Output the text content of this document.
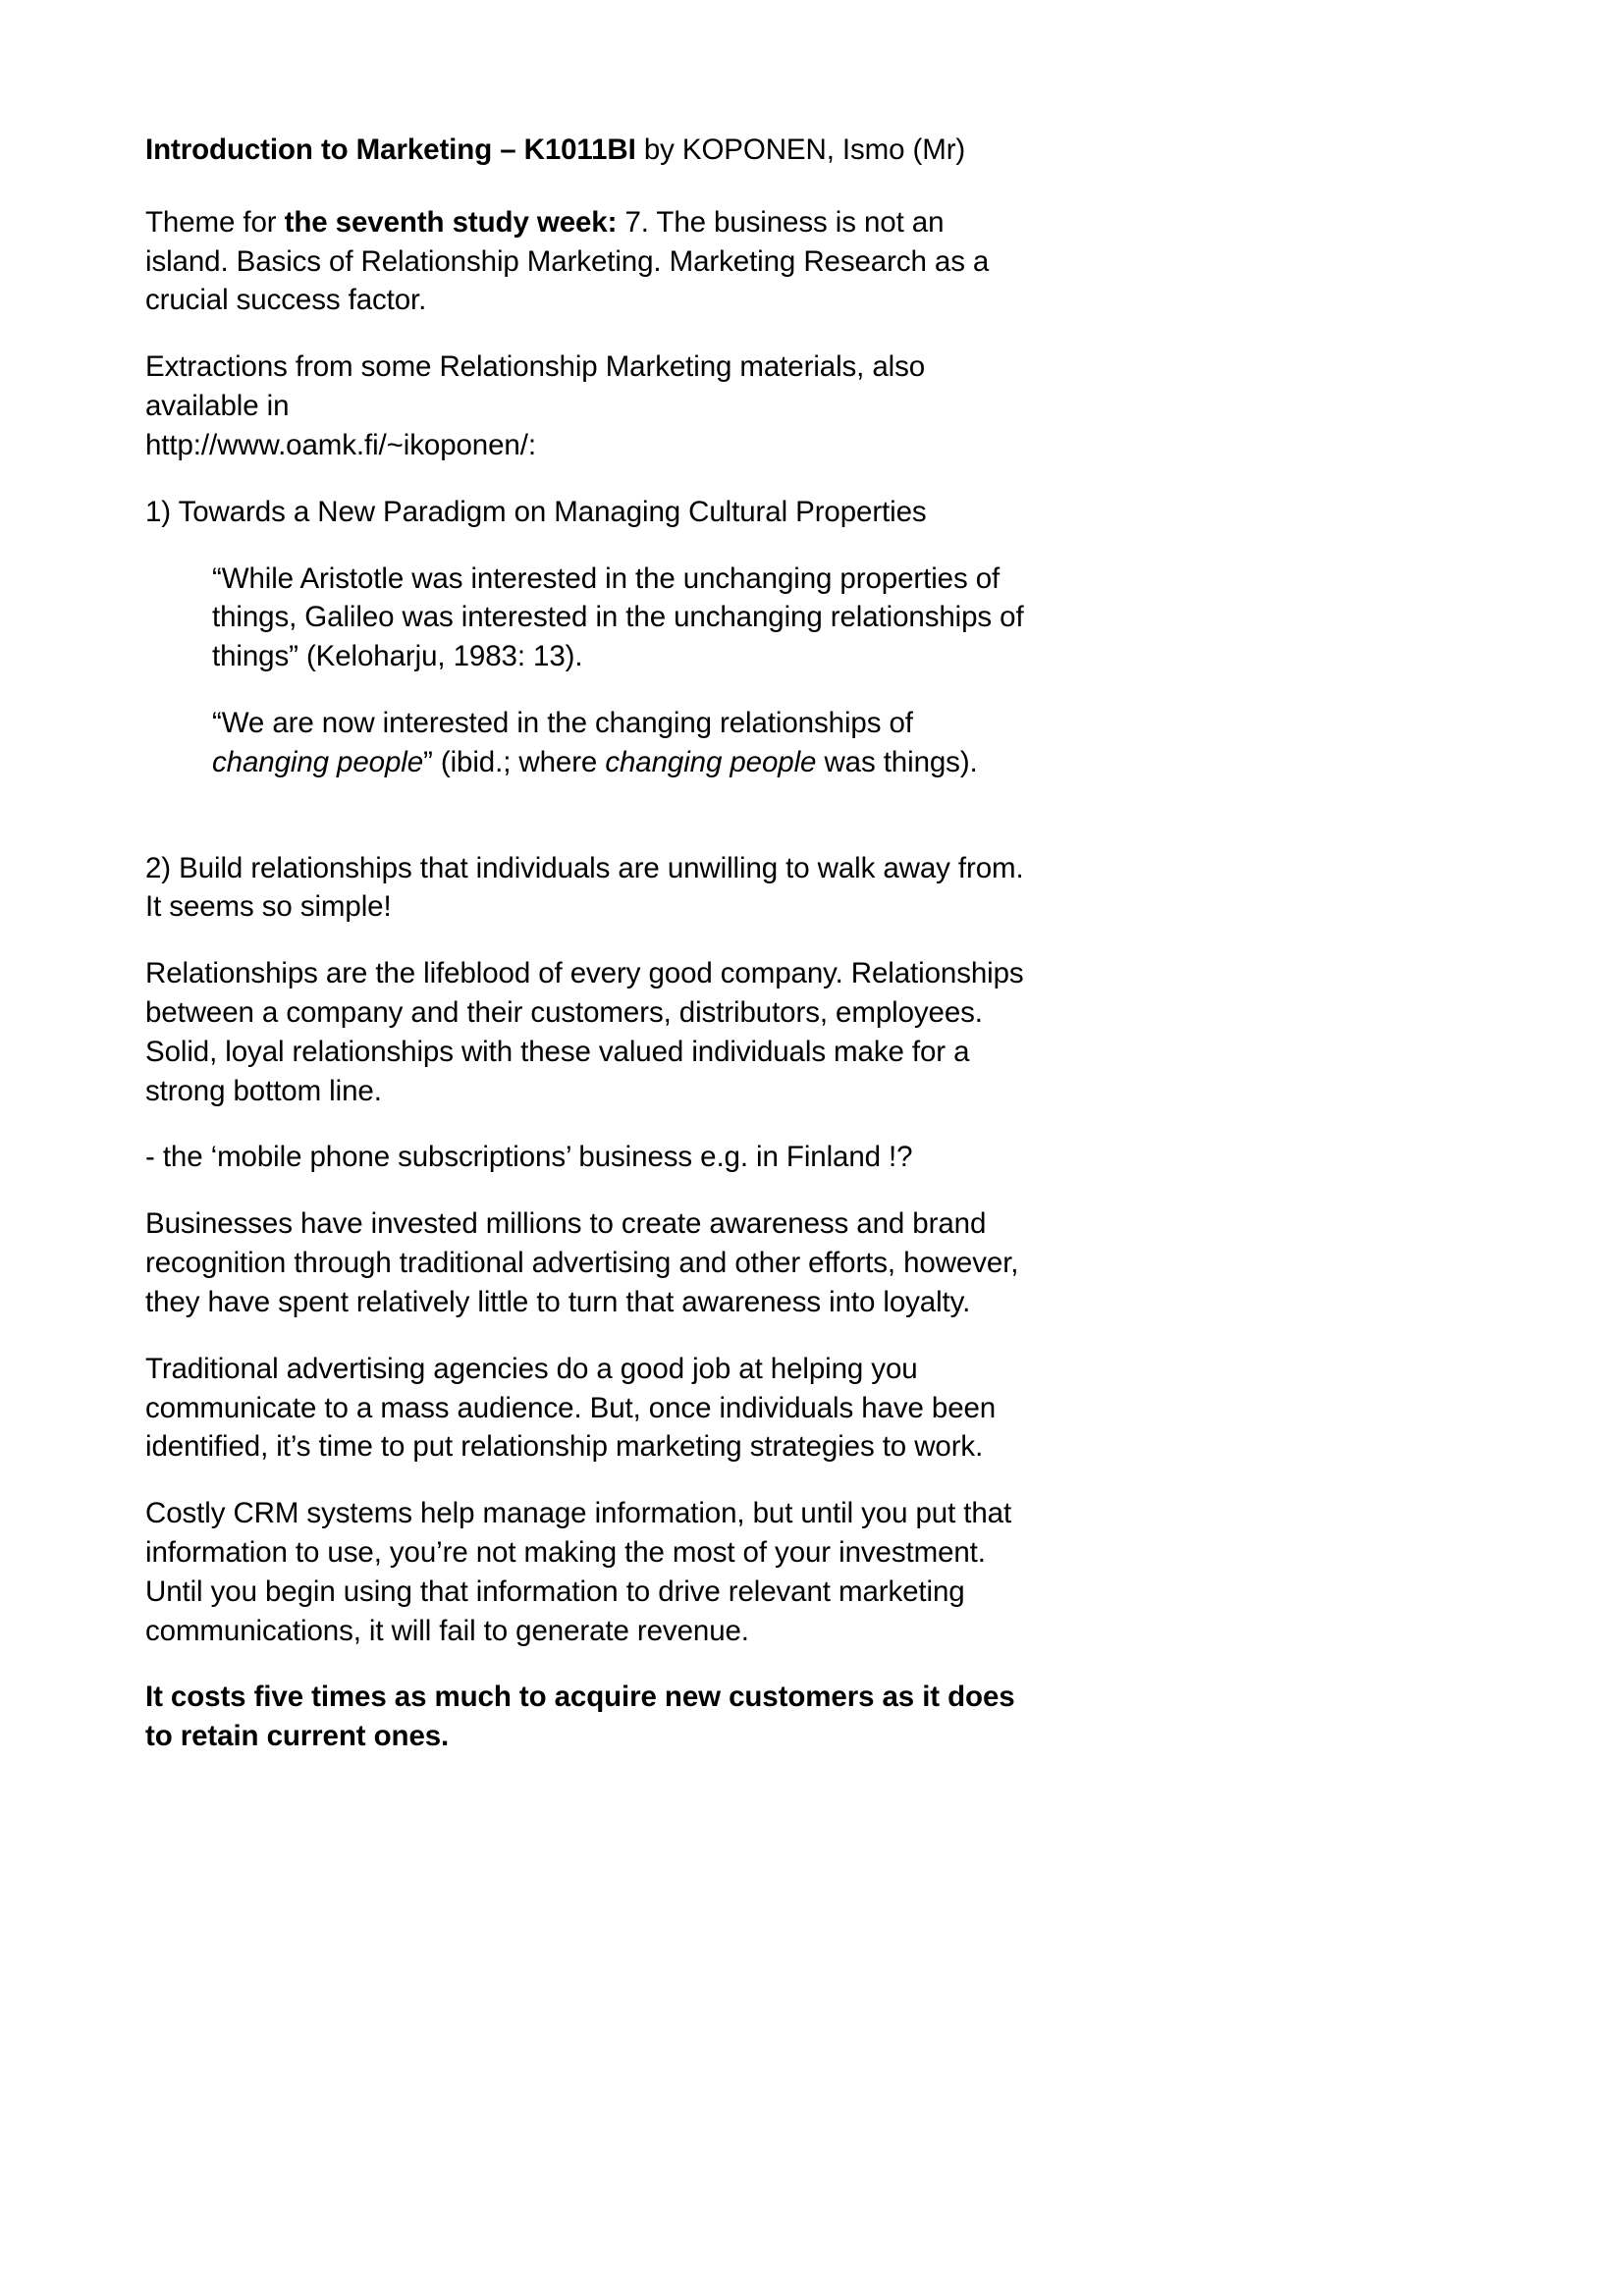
Introduction to Marketing – K1011BI by KOPONEN, Ismo (Mr)

Theme for the seventh study week: 7. The business is not an island. Basics of Relationship Marketing. Marketing Research as a crucial success factor.

Extractions from some Relationship Marketing materials, also available in
http://www.oamk.fi/~ikoponen/:

1) Towards a New Paradigm on Managing Cultural Properties

“While Aristotle was interested in the unchanging properties of things, Galileo was interested in the unchanging relationships of things” (Keloharju, 1983: 13).

“We are now interested in the changing relationships of changing people” (ibid.; where changing people was things).

2) Build relationships that individuals are unwilling to walk away from.
It seems so simple!

Relationships are the lifeblood of every good company. Relationships between a company and their customers, distributors, employees. Solid, loyal relationships with these valued individuals make for a strong bottom line.

- the ‘mobile phone subscriptions’ business e.g. in Finland !?

Businesses have invested millions to create awareness and brand recognition through traditional advertising and other efforts, however, they have spent relatively little to turn that awareness into loyalty.

Traditional advertising agencies do a good job at helping you communicate to a mass audience. But, once individuals have been identified, it’s time to put relationship marketing strategies to work.

Costly CRM systems help manage information, but until you put that information to use, you’re not making the most of your investment. Until you begin using that information to drive relevant marketing communications, it will fail to generate revenue.

It costs five times as much to acquire new customers as it does to retain current ones.
